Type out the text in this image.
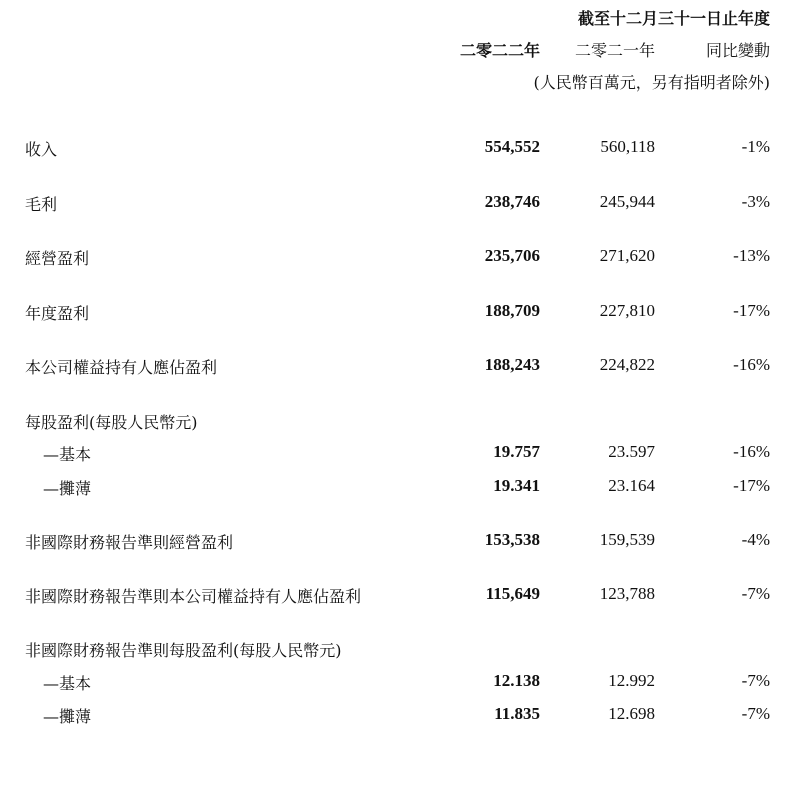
截至十二月三十一日止年度
二零二二年	二零二一年	同比變動
(人民幣百萬元，另有指明者除外)
收入	554,552	560,118	-1%
毛利	238,746	245,944	-3%
經營盈利	235,706	271,620	-13%
年度盈利	188,709	227,810	-17%
本公司權益持有人應佔盈利	188,243	224,822	-16%
每股盈利(每股人民幣元)
—基本	19.757	23.597	-16%
—攤薄	19.341	23.164	-17%
非國際財務報告準則經營盈利	153,538	159,539	-4%
非國際財務報告準則本公司權益持有人應佔盈利	115,649	123,788	-7%
非國際財務報告準則每股盈利(每股人民幣元)
—基本	12.138	12.992	-7%
—攤薄	11.835	12.698	-7%
